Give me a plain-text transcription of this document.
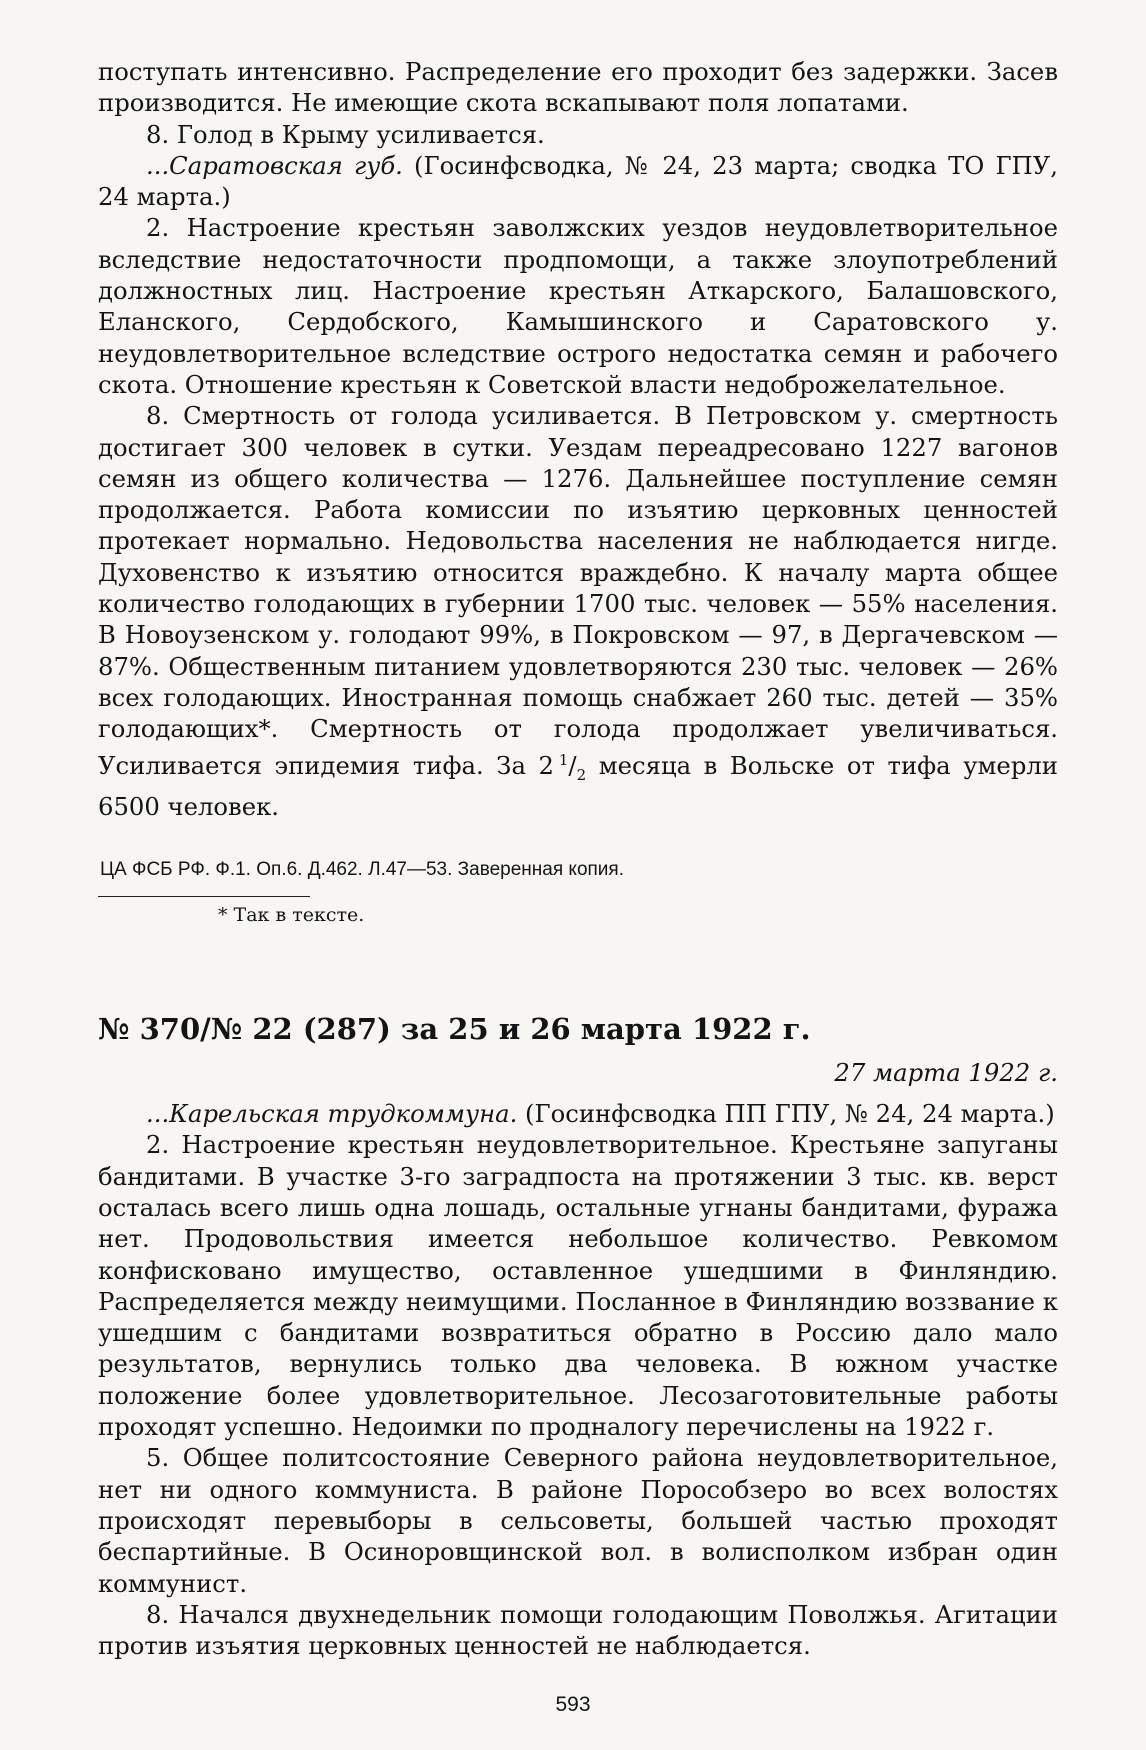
поступать интенсивно. Распределение его проходит без задержки. Засев производится. Не имеющие скота вскапывают поля лопатами.

8. Голод в Крыму усиливается.

...Саратовская губ. (Госинфсводка, № 24, 23 марта; сводка ТО ГПУ, 24 марта.)

2. Настроение крестьян заволжских уездов неудовлетворительное вследствие недостаточности продпомощи, а также злоупотреблений должностных лиц. Настроение крестьян Аткарского, Балашовского, Еланского, Сердобского, Камышинского и Саратовского у. неудовлетворительное вследствие острого недостатка семян и рабочего скота. Отношение крестьян к Советской власти недоброжелательное.

8. Смертность от голода усиливается. В Петровском у. смертность достигает 300 человек в сутки. Уездам переадресовано 1227 вагонов семян из общего количества — 1276. Дальнейшее поступление семян продолжается. Работа комиссии по изъятию церковных ценностей протекает нормально. Недовольства населения не наблюдается нигде. Духовенство к изъятию относится враждебно. К началу марта общее количество голодающих в губернии 1700 тыс. человек — 55% населения. В Новоузенском у. голодают 99%, в Покровском — 97, в Дергачевском — 87%. Общественным питанием удовлетворяются 230 тыс. человек — 26% всех голодающих. Иностранная помощь снабжает 260 тыс. детей — 35% голодающих*. Смертность от голода продолжает увеличиваться. Усиливается эпидемия тифа. За 2  $^1/_2$ месяца в Вольске от тифа умерли 6500 человек.

ЦА ФСБ РФ. Ф.1. Оп.6. Д.462. Л.47—53. Заверенная копия.

* Так в тексте.

№ 370/№ 22 (287) за 25 и 26 марта 1922 г.

27 марта 1922 г.

...Карельская трудкоммуна. (Госинфсводка ПП ГПУ, № 24, 24 марта.)

2. Настроение крестьян неудовлетворительное. Крестьяне запуганы бандитами. В участке 3-го заградпоста на протяжении 3 тыс. кв. верст осталась всего лишь одна лошадь, остальные угнаны бандитами, фуража нет. Продовольствия имеется небольшое количество. Ревкомом конфисковано имущество, оставленное ушедшими в Финляндию. Распределяется между неимущими. Посланное в Финляндию воззвание к ушедшим с бандитами возвратиться обратно в Россию дало мало результатов, вернулись только два человека. В южном участке положение более удовлетворительное. Лесозаготовительные работы проходят успешно. Недоимки по продналогу перечислены на 1922 г.

5. Общее политсостояние Северного района неудовлетворительное, нет ни одного коммуниста. В районе Порособзеро во всех волостях происходят перевыборы в сельсоветы, большей частью проходят беспартийные. В Осиноровщинской вол. в волисполком избран один коммунист.

8. Начался двухнедельник помощи голодающим Поволжья. Агитации против изъятия церковных ценностей не наблюдается.

593
